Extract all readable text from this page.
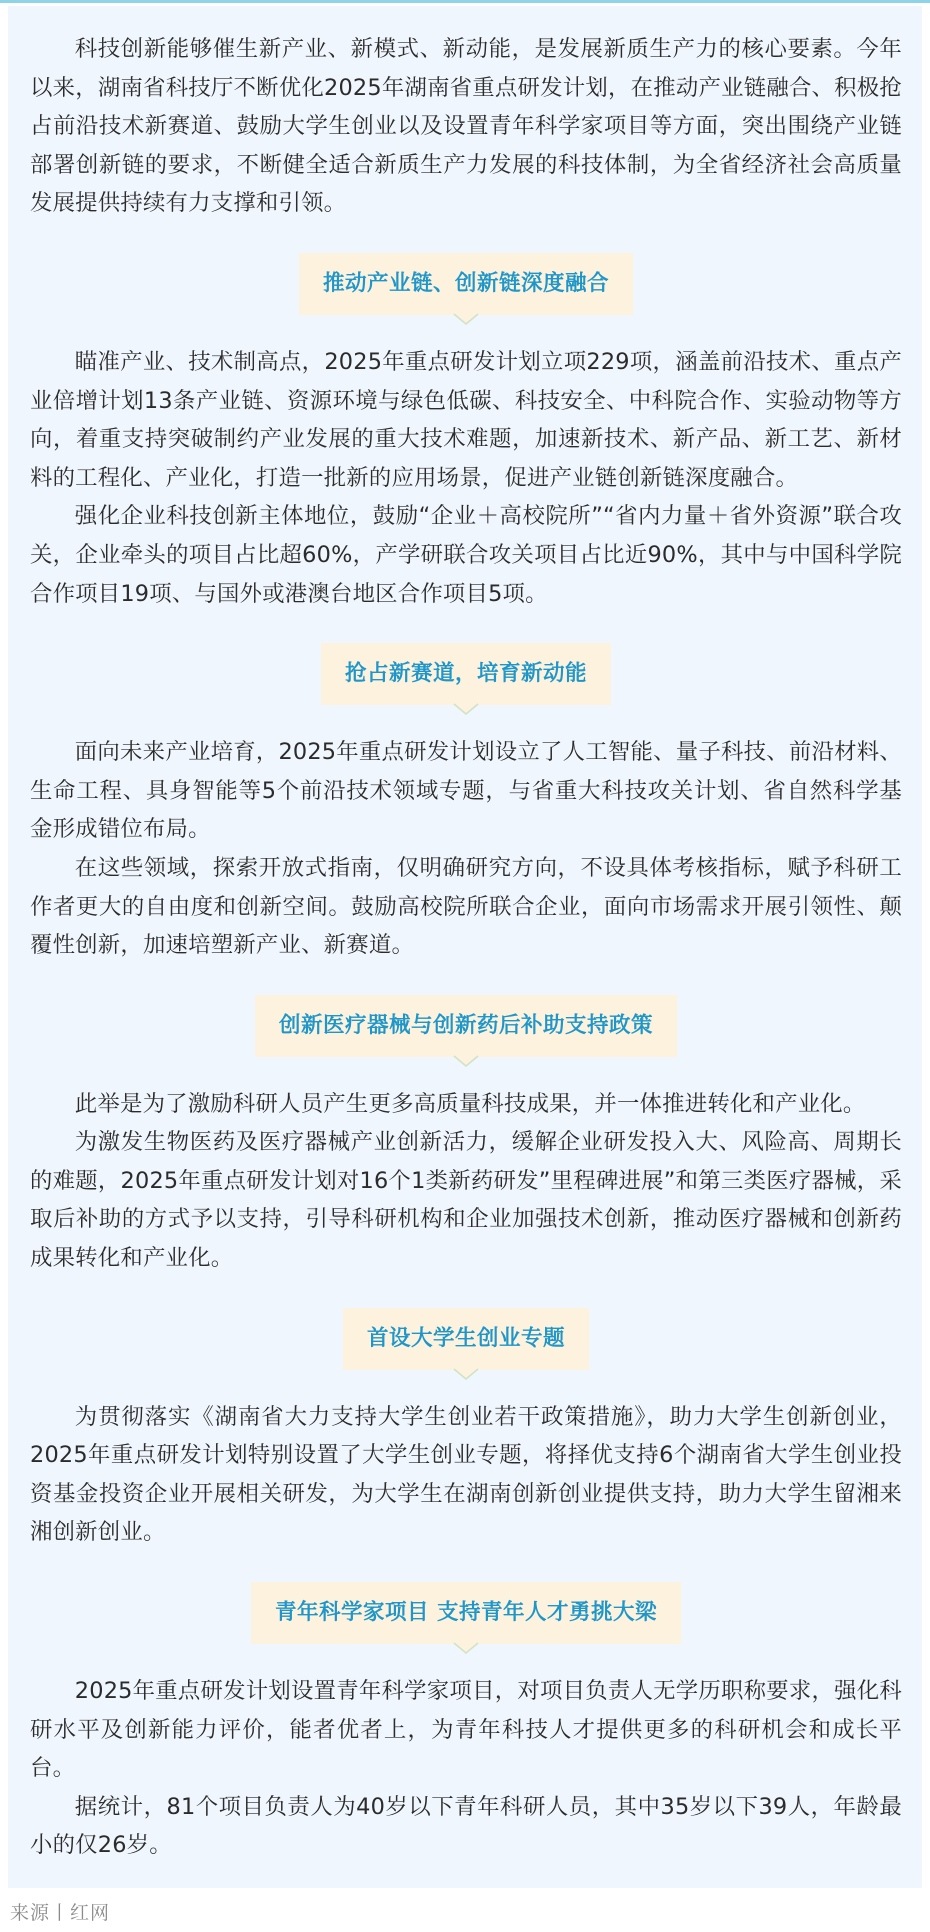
科技创新能够催生新产业、新模式、新动能，是发展新质生产力的核心要素。今年以来，湖南省科技厅不断优化2025年湖南省重点研发计划，在推动产业链融合、积极抢占前沿技术新赛道、鼓励大学生创业以及设置青年科学家项目等方面，突出围绕产业链部署创新链的要求，不断健全适合新质生产力发展的科技体制，为全省经济社会高质量发展提供持续有力支撑和引领。

推动产业链、创新链深度融合

瞄准产业、技术制高点，2025年重点研发计划立项229项，涵盖前沿技术、重点产业倍增计划13条产业链、资源环境与绿色低碳、科技安全、中科院合作、实验动物等方向，着重支持突破制约产业发展的重大技术难题，加速新技术、新产品、新工艺、新材料的工程化、产业化，打造一批新的应用场景，促进产业链创新链深度融合。

强化企业科技创新主体地位，鼓励“企业＋高校院所”“省内力量＋省外资源”联合攻关，企业牵头的项目占比超60%，产学研联合攻关项目占比近90%，其中与中国科学院合作项目19项、与国外或港澳台地区合作项目5项。

抢占新赛道，培育新动能

面向未来产业培育，2025年重点研发计划设立了人工智能、量子科技、前沿材料、生命工程、具身智能等5个前沿技术领域专题，与省重大科技攻关计划、省自然科学基金形成错位布局。

在这些领域，探索开放式指南，仅明确研究方向，不设具体考核指标，赋予科研工作者更大的自由度和创新空间。鼓励高校院所联合企业，面向市场需求开展引领性、颠覆性创新，加速培塑新产业、新赛道。

创新医疗器械与创新药后补助支持政策

此举是为了激励科研人员产生更多高质量科技成果，并一体推进转化和产业化。

为激发生物医药及医疗器械产业创新活力，缓解企业研发投入大、风险高、周期长的难题，2025年重点研发计划对16个1类新药研发”里程碑进展”和第三类医疗器械，采取后补助的方式予以支持，引导科研机构和企业加强技术创新，推动医疗器械和创新药成果转化和产业化。

首设大学生创业专题

为贯彻落实《湖南省大力支持大学生创业若干政策措施》，助力大学生创新创业，2025年重点研发计划特别设置了大学生创业专题，将择优支持6个湖南省大学生创业投资基金投资企业开展相关研发，为大学生在湖南创新创业提供支持，助力大学生留湘来湘创新创业。

青年科学家项目 支持青年人才勇挑大梁

2025年重点研发计划设置青年科学家项目，对项目负责人无学历职称要求，强化科研水平及创新能力评价，能者优者上，为青年科技人才提供更多的科研机会和成长平台。

据统计，81个项目负责人为40岁以下青年科研人员，其中35岁以下39人，年龄最小的仅26岁。

来源丨红网
